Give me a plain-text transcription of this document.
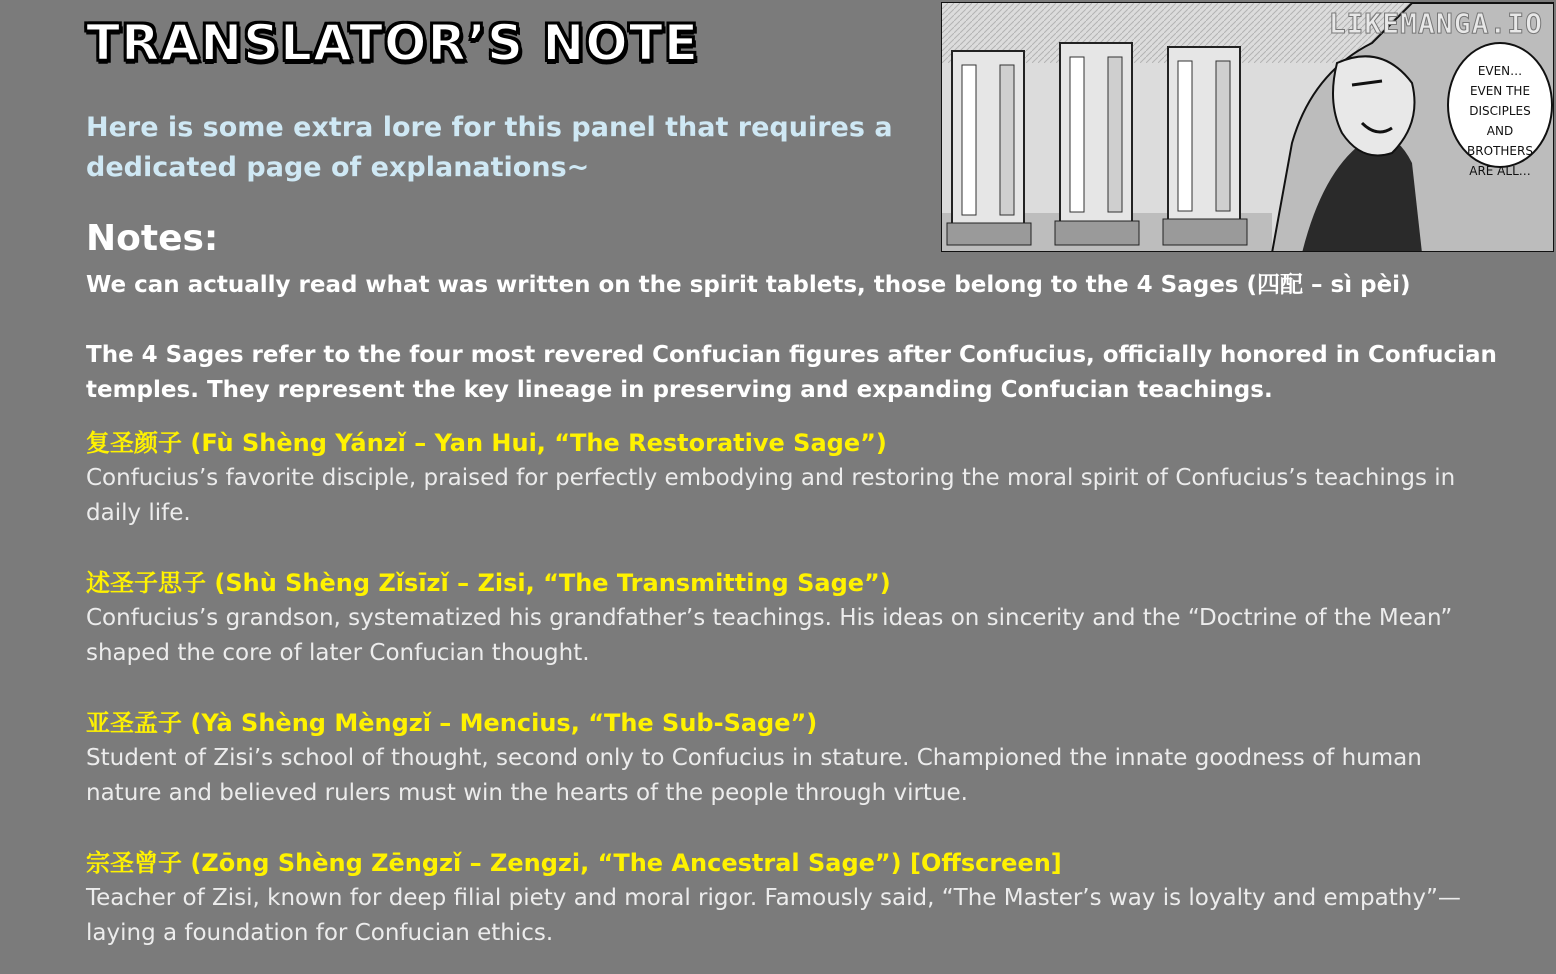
TRANSLATOR’S NOTE
Here is some extra lore for this panel that requires a dedicated page of explanations~
Notes:
We can actually read what was written on the spirit tablets, those belong to the 4 Sages (四配 – sì pèi)
The 4 Sages refer to the four most revered Confucian figures after Confucius, officially honored in Confucian temples. They represent the key lineage in preserving and expanding Confucian teachings.
复圣颜子 (Fù Shèng Yánzǐ – Yan Hui, “The Restorative Sage”)
Confucius’s favorite disciple, praised for perfectly embodying and restoring the moral spirit of Confucius’s teachings in daily life.
述圣子思子 (Shù Shèng Zǐsīzǐ – Zisi, “The Transmitting Sage”)
Confucius’s grandson, systematized his grandfather’s teachings. His ideas on sincerity and the “Doctrine of the Mean” shaped the core of later Confucian thought.
亚圣孟子 (Yà Shèng Mèngzǐ – Mencius, “The Sub-Sage”)
Student of Zisi’s school of thought, second only to Confucius in stature. Championed the innate goodness of human nature and believed rulers must win the hearts of the people through virtue.
宗圣曾子 (Zōng Shèng Zēngzǐ – Zengzi, “The Ancestral Sage”) [Offscreen]
Teacher of Zisi, known for deep filial piety and moral rigor. Famously said, “The Master’s way is loyalty and empathy”—laying a foundation for Confucian ethics.
LIKEMANGA.IO
EVEN… EVEN THE DISCIPLES AND BROTHERS ARE ALL…
